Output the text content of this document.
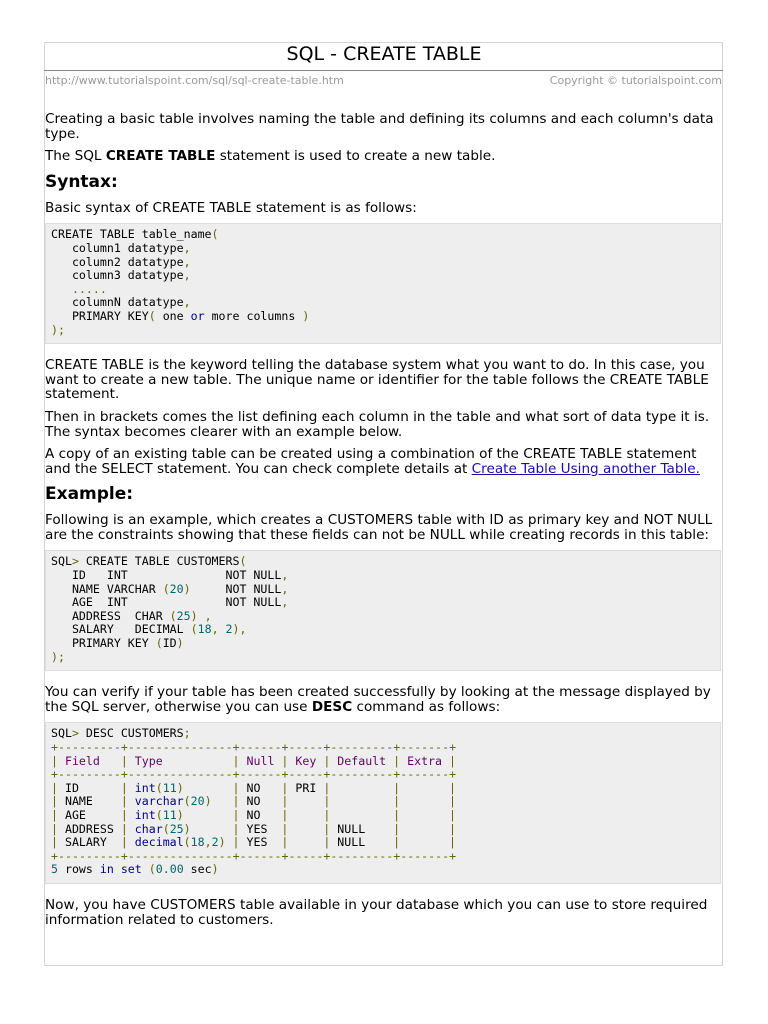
SQL - CREATE TABLE
http://www.tutorialspoint.com/sql/sql-create-table.htm	Copyright © tutorialspoint.com

Creating a basic table involves naming the table and defining its columns and each column's data type.

The SQL CREATE TABLE statement is used to create a new table.

Syntax:

Basic syntax of CREATE TABLE statement is as follows:

CREATE TABLE table_name(
column1 datatype,
column2 datatype,
column3 datatype,
.....
columnN datatype,
PRIMARY KEY( one or more columns )
);

CREATE TABLE is the keyword telling the database system what you want to do. In this case, you want to create a new table. The unique name or identifier for the table follows the CREATE TABLE statement.

Then in brackets comes the list defining each column in the table and what sort of data type it is. The syntax becomes clearer with an example below.

A copy of an existing table can be created using a combination of the CREATE TABLE statement and the SELECT statement. You can check complete details at Create Table Using another Table.

Example:

Following is an example, which creates a CUSTOMERS table with ID as primary key and NOT NULL are the constraints showing that these fields can not be NULL while creating records in this table:

SQL> CREATE TABLE CUSTOMERS(
ID   INT              NOT NULL,
NAME VARCHAR (20)     NOT NULL,
AGE  INT              NOT NULL,
ADDRESS  CHAR (25) ,
SALARY   DECIMAL (18, 2),
PRIMARY KEY (ID)
);

You can verify if your table has been created successfully by looking at the message displayed by the SQL server, otherwise you can use DESC command as follows:

SQL> DESC CUSTOMERS;
+---------+---------------+------+-----+---------+-------+
| Field | Type	| Null | Key | Default | Extra |
+---------+---------------+------+-----+---------+-------+
| ID      | int(11)	| NO   | PRI |	|	|
| NAME    | varchar(20) | NO   |	|	|	|
| AGE     | int(11)	| NO   |	|	|	|
| ADDRESS | char(25)	| YES  |	| NULL    |	|
| SALARY  | decimal(18,2) | YES  |	| NULL    |	|
+---------+---------------+------+-----+---------+-------+
5 rows in set (0.00 sec)

Now, you have CUSTOMERS table available in your database which you can use to store required information related to customers.
